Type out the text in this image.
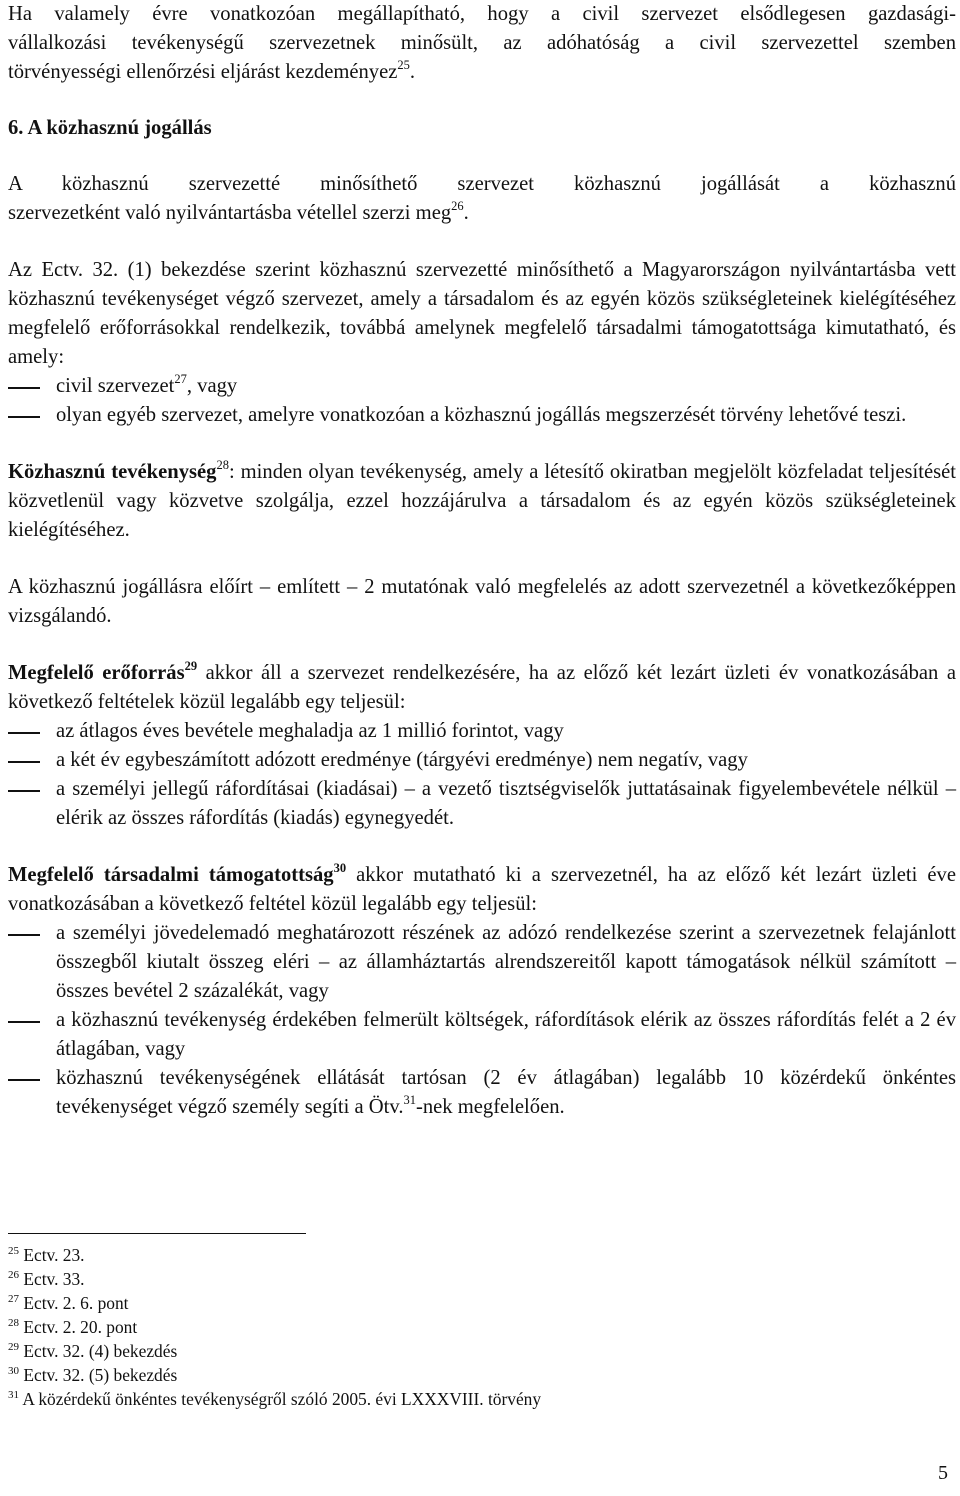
Ha valamely évre vonatkozóan megállapítható, hogy a civil szervezet elsődlegesen gazdasági-

vállalkozási tevékenységű szervezetnek minősült, az adóhatóság a civil szervezettel szemben

törvényességi ellenőrzési eljárást kezdeményez$^{25}$.

6. A közhasznú jogállás

A közhasznú szervezetté minősíthető szervezet közhasznú jogállását a közhasznú

szervezetként való nyilvántartásba vétellel szerzi meg$^{26}$.

Az Ectv. 32. (1) bekezdése szerint közhasznú szervezetté minősíthető a Magyarországon nyilvántartásba vett közhasznú tevékenységet végző szervezet, amely a társadalom és az egyén közös szükségleteinek kielégítéséhez megfelelő erőforrásokkal rendelkezik, továbbá amelynek megfelelő társadalmi támogatottsága kimutatható, és amely:

civil szervezet$^{27}$, vagy
olyan egyéb szervezet, amelyre vonatkozóan a közhasznú jogállás megszerzését törvény lehetővé teszi.

Közhasznú tevékenység$^{28}$: minden olyan tevékenység, amely a létesítő okiratban megjelölt közfeladat teljesítését közvetlenül vagy közvetve szolgálja, ezzel hozzájárulva a társadalom és az egyén közös szükségleteinek kielégítéséhez.

A közhasznú jogállásra előírt – említett – 2 mutatónak való megfelelés az adott szervezetnél a következőképpen vizsgálandó.

Megfelelő erőforrás$^{29}$ akkor áll a szervezet rendelkezésére, ha az előző két lezárt üzleti év vonatkozásában a következő feltételek közül legalább egy teljesül:

az átlagos éves bevétele meghaladja az 1 millió forintot, vagy
a két év egybeszámított adózott eredménye (tárgyévi eredménye) nem negatív, vagy
a személyi jellegű ráfordításai (kiadásai) – a vezető tisztségviselők juttatásainak figyelembevétele nélkül – elérik az összes ráfordítás (kiadás) egynegyedét.

Megfelelő társadalmi támogatottság$^{30}$ akkor mutatható ki a szervezetnél, ha az előző két lezárt üzleti éve vonatkozásában a következő feltétel közül legalább egy teljesül:

a személyi jövedelemadó meghatározott részének az adózó rendelkezése szerint a szervezetnek felajánlott összegből kiutalt összeg eléri – az államháztartás alrendszereitől kapott támogatások nélkül számított – összes bevétel 2 százalékát, vagy
a közhasznú tevékenység érdekében felmerült költségek, ráfordítások elérik az összes ráfordítás felét a 2 év átlagában, vagy
közhasznú tevékenységének ellátását tartósan (2 év átlagában) legalább 10 közérdekű önkéntes tevékenységet végző személy segíti a Ötv.$^{31}$-nek megfelelően.
$^{25}$ Ectv. 23.
$^{26}$ Ectv. 33.
$^{27}$ Ectv. 2. 6. pont
$^{28}$ Ectv. 2. 20. pont
$^{29}$ Ectv. 32. (4) bekezdés
$^{30}$ Ectv. 32. (5) bekezdés
$^{31}$ A közérdekű önkéntes tevékenységről szóló 2005. évi LXXXVIII. törvény
5
